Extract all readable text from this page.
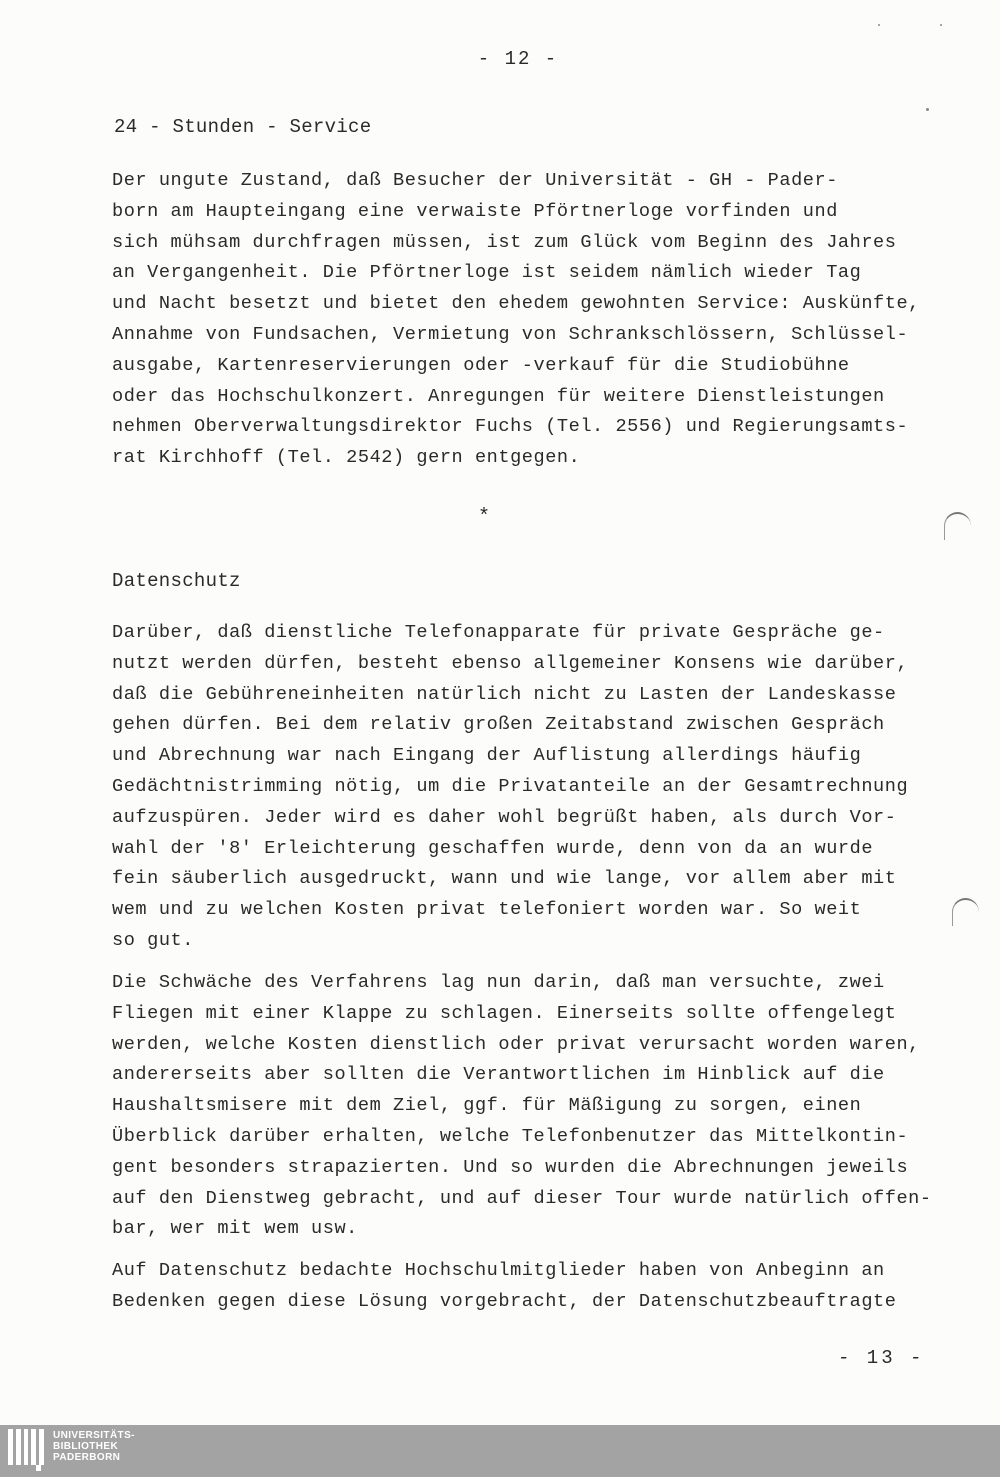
- 12 -
24 - Stunden - Service

Der ungute Zustand, daß Besucher der Universität - GH - Pader-
born am Haupteingang eine verwaiste Pförtnerloge vorfinden und
sich mühsam durchfragen müssen, ist zum Glück vom Beginn des Jahres
an Vergangenheit. Die Pförtnerloge ist seidem nämlich wieder Tag
und Nacht besetzt und bietet den ehedem gewohnten Service: Auskünfte,
Annahme von Fundsachen, Vermietung von Schrankschlössern, Schlüssel-
ausgabe, Kartenreservierungen oder -verkauf für die Studiobühne
oder das Hochschulkonzert. Anregungen für weitere Dienstleistungen
nehmen Oberverwaltungsdirektor Fuchs (Tel. 2556) und Regierungsamts-
rat Kirchhoff (Tel. 2542) gern entgegen.

*
Datenschutz

Darüber, daß dienstliche Telefonapparate für private Gespräche ge-
nutzt werden dürfen, besteht ebenso allgemeiner Konsens wie darüber,
daß die Gebühreneinheiten natürlich nicht zu Lasten der Landeskasse
gehen dürfen. Bei dem relativ großen Zeitabstand zwischen Gespräch
und Abrechnung war nach Eingang der Auflistung allerdings häufig
Gedächtnistrimming nötig, um die Privatanteile an der Gesamtrechnung
aufzuspüren. Jeder wird es daher wohl begrüßt haben, als durch Vor-
wahl der '8' Erleichterung geschaffen wurde, denn von da an wurde
fein säuberlich ausgedruckt, wann und wie lange, vor allem aber mit
wem und zu welchen Kosten privat telefoniert worden war. So weit
so gut.

Die Schwäche des Verfahrens lag nun darin, daß man versuchte, zwei
Fliegen mit einer Klappe zu schlagen. Einerseits sollte offengelegt
werden, welche Kosten dienstlich oder privat verursacht worden waren,
andererseits aber sollten die Verantwortlichen im Hinblick auf die
Haushaltsmisere mit dem Ziel, ggf. für Mäßigung zu sorgen, einen
Überblick darüber erhalten, welche Telefonbenutzer das Mittelkontin-
gent besonders strapazierten. Und so wurden die Abrechnungen jeweils
auf den Dienstweg gebracht, und auf dieser Tour wurde natürlich offen-
bar, wer mit wem usw.

Auf Datenschutz bedachte Hochschulmitglieder haben von Anbeginn an
Bedenken gegen diese Lösung vorgebracht, der Datenschutzbeauftragte

- 13 -
UNIVERSITÄTS-
BIBLIOTHEK
PADERBORN
